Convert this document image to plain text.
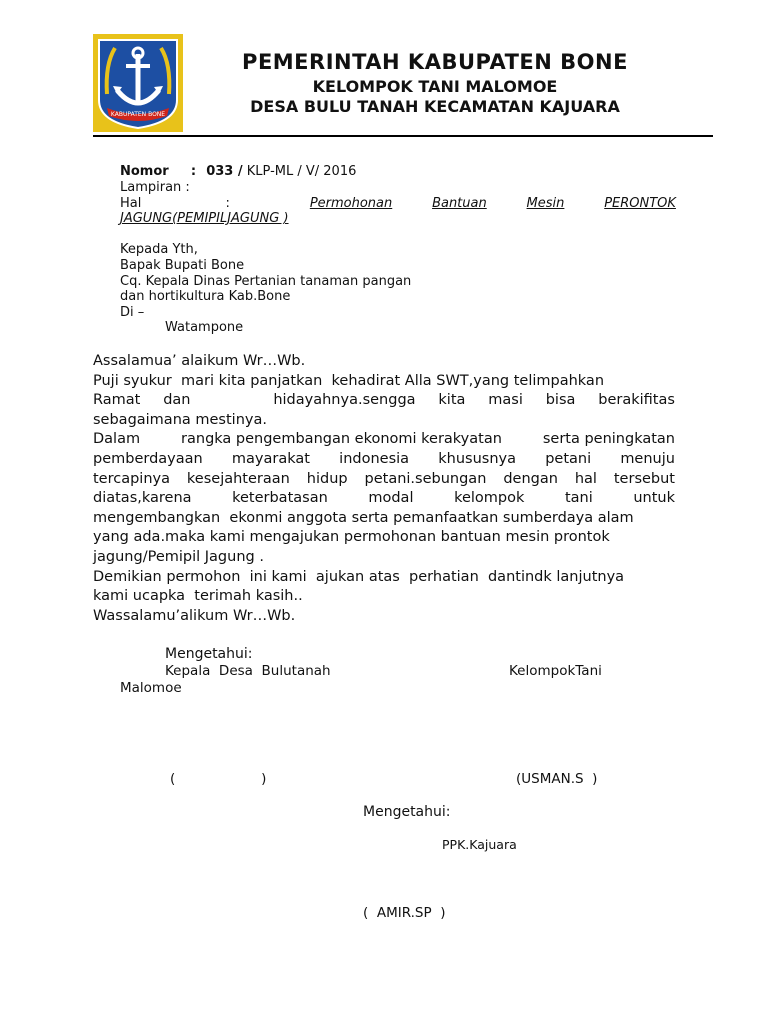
KABUPATEN BONE
PEMERINTAH KABUPATEN BONE
KELOMPOK TANI MALOMOE
DESA BULU TANAH KECAMATAN KAJUARA
Nomor : 033 / KLP-ML / V/ 2016
Lampiran :
Hal	:	Permohonan	Bantuan	Mesin	PERONTOK
JAGUNG(PEMIPILJAGUNG )
Kepada Yth,
Bapak Bupati Bone
Cq. Kepala Dinas Pertanian tanaman pangan
dan hortikultura Kab.Bone
Di –
Watampone
Assalamua’ alaikum Wr…Wb.
Puji syukur  mari kita panjatkan  kehadirat Alla SWT,yang telimpahkan
Ramat dan	hidayahnya.sengga kita masi bisa berakifitas
sebagaimana mestinya.
Dalam	rangka pengembangan ekonomi kerakyatan	serta peningkatan
pemberdayaan mayarakat indonesia khususnya petani menuju
tercapinya kesejahteraan hidup petani.sebungan dengan hal tersebut
diatas,karena	keterbatasan	modal	kelompok	tani	untuk
mengembangkan  ekonmi anggota serta pemanfaatkan sumberdaya alam
yang ada.maka kami mengajukan permohonan bantuan mesin prontok
jagung/Pemipil Jagung .
Demikian permohon  ini kami  ajukan atas  perhatian  dantindk lanjutnya
kami ucapka  terimah kasih..
Wassalamu’alikum Wr…Wb.
Mengetahui:
Kepala  Desa  Bulutanah	KelompokTani
Malomoe
(                    )	(USMAN.S  )
Mengetahui:
PPK.Kajuara
(  AMIR.SP  )
